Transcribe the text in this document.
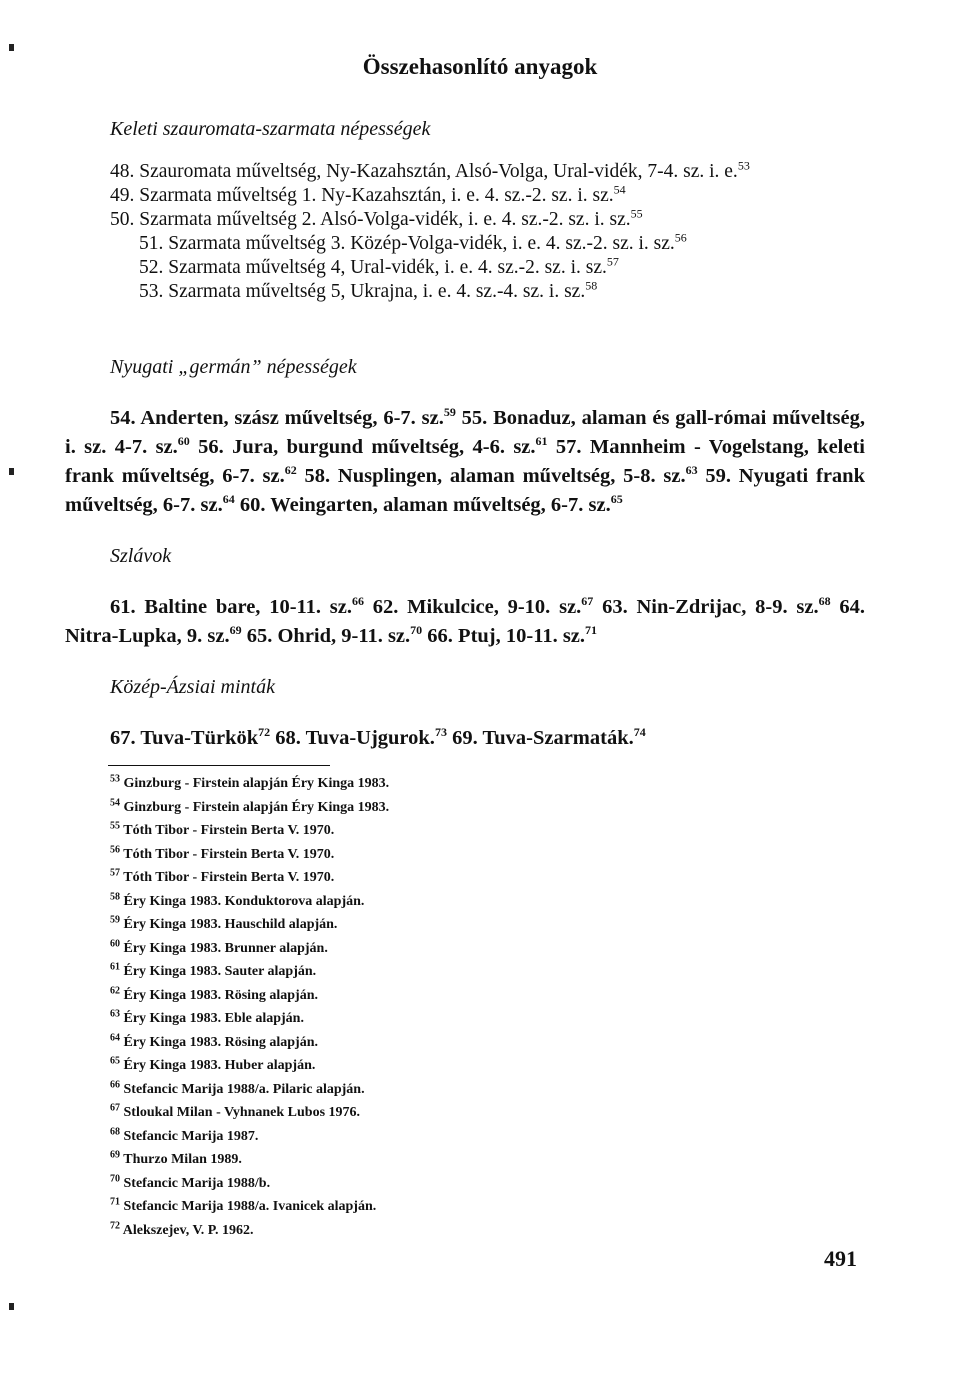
Összehasonlító anyagok
Keleti szauromata-szarmata népességek
48. Szauromata műveltség, Ny-Kazahsztán, Alsó-Volga, Ural-vidék, 7-4. sz. i. e.$^{53}$
49. Szarmata műveltség 1. Ny-Kazahsztán, i. e. 4. sz.-2. sz. i. sz.$^{54}$
50. Szarmata műveltség 2. Alsó-Volga-vidék, i. e. 4. sz.-2. sz. i. sz.$^{55}$
51. Szarmata műveltség 3. Közép-Volga-vidék, i. e. 4. sz.-2. sz. i. sz.$^{56}$
52. Szarmata műveltség 4, Ural-vidék, i. e. 4. sz.-2. sz. i. sz.$^{57}$
53. Szarmata műveltség 5, Ukrajna, i. e. 4. sz.-4. sz. i. sz.$^{58}$
Nyugati „germán” népességek

54. Anderten, szász műveltség, 6-7. sz.$^{59}$ 55. Bonaduz, alaman és gall-római műveltség, i. sz. 4-7. sz.$^{60}$ 56. Jura, burgund műveltség, 4-6. sz.$^{61}$ 57. Mannheim - Vogelstang, keleti frank műveltség, 6-7. sz.$^{62}$ 58. Nusplingen, alaman műveltség, 5-8. sz.$^{63}$ 59. Nyugati frank műveltség, 6-7. sz.$^{64}$ 60. Weingarten, alaman műveltség, 6-7. sz.$^{65}$

Szlávok

61. Baltine bare, 10-11. sz.$^{66}$ 62. Mikulcice, 9-10. sz.$^{67}$ 63. Nin-Zdrijac, 8-9. sz.$^{68}$ 64. Nitra-Lupka, 9. sz.$^{69}$ 65. Ohrid, 9-11. sz.$^{70}$ 66. Ptuj, 10-11. sz.$^{71}$

Közép-Ázsiai minták

67. Tuva-Türkök$^{72}$ 68. Tuva-Ujgurok.$^{73}$ 69. Tuva-Szarmaták.$^{74}$

$^{53}$ Ginzburg - Firstein alapján Éry Kinga 1983.
$^{54}$ Ginzburg - Firstein alapján Éry Kinga 1983.
$^{55}$ Tóth Tibor - Firstein Berta V. 1970.
$^{56}$ Tóth Tibor - Firstein Berta V. 1970.
$^{57}$ Tóth Tibor - Firstein Berta V. 1970.
$^{58}$ Éry Kinga 1983. Konduktorova alapján.
$^{59}$ Éry Kinga 1983. Hauschild alapján.
$^{60}$ Éry Kinga 1983. Brunner alapján.
$^{61}$ Éry Kinga 1983. Sauter alapján.
$^{62}$ Éry Kinga 1983. Rösing alapján.
$^{63}$ Éry Kinga 1983. Eble alapján.
$^{64}$ Éry Kinga 1983. Rösing alapján.
$^{65}$ Éry Kinga 1983. Huber alapján.
$^{66}$ Stefancic Marija 1988/a. Pilaric alapján.
$^{67}$ Stloukal Milan - Vyhnanek Lubos 1976.
$^{68}$ Stefancic Marija 1987.
$^{69}$ Thurzo Milan 1989.
$^{70}$ Stefancic Marija 1988/b.
$^{71}$ Stefancic Marija 1988/a. Ivanicek alapján.
$^{72}$ Alekszejev, V. P. 1962.
491
